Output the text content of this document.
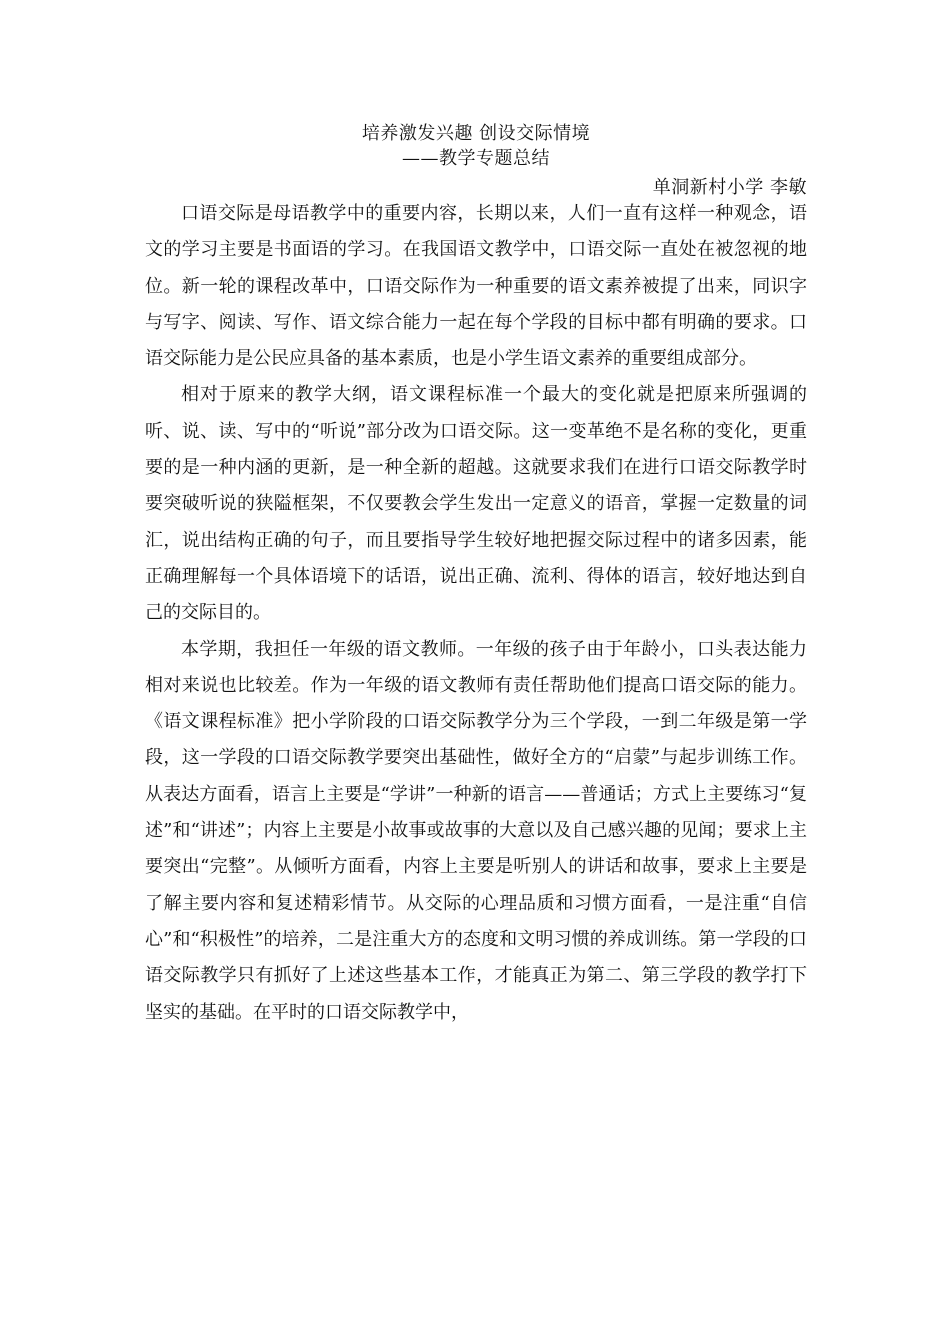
培养激发兴趣 创设交际情境
——教学专题总结
单洞新村小学 李敏

口语交际是母语教学中的重要内容，长期以来，人们一直有这样一种观念，语文的学习主要是书面语的学习。在我国语文教学中，口语交际一直处在被忽视的地位。新一轮的课程改革中，口语交际作为一种重要的语文素养被提了出来，同识字与写字、阅读、写作、语文综合能力一起在每个学段的目标中都有明确的要求。口语交际能力是公民应具备的基本素质，也是小学生语文素养的重要组成部分。

相对于原来的教学大纲，语文课程标准一个最大的变化就是把原来所强调的听、说、读、写中的“听说”部分改为口语交际。这一变革绝不是名称的变化，更重要的是一种内涵的更新，是一种全新的超越。这就要求我们在进行口语交际教学时要突破听说的狭隘框架，不仅要教会学生发出一定意义的语音，掌握一定数量的词汇，说出结构正确的句子，而且要指导学生较好地把握交际过程中的诸多因素，能正确理解每一个具体语境下的话语，说出正确、流利、得体的语言，较好地达到自己的交际目的。

本学期，我担任一年级的语文教师。一年级的孩子由于年龄小，口头表达能力相对来说也比较差。作为一年级的语文教师有责任帮助他们提高口语交际的能力。《语文课程标准》把小学阶段的口语交际教学分为三个学段，一到二年级是第一学段，这一学段的口语交际教学要突出基础性，做好全方的“启蒙”与起步训练工作。从表达方面看，语言上主要是“学讲”一种新的语言——普通话；方式上主要练习“复述”和“讲述”；内容上主要是小故事或故事的大意以及自己感兴趣的见闻；要求上主要突出“完整”。从倾听方面看，内容上主要是听别人的讲话和故事，要求上主要是了解主要内容和复述精彩情节。从交际的心理品质和习惯方面看，一是注重“自信心”和“积极性”的培养，二是注重大方的态度和文明习惯的养成训练。第一学段的口语交际教学只有抓好了上述这些基本工作，才能真正为第二、第三学段的教学打下坚实的基础。在平时的口语交际教学中，
